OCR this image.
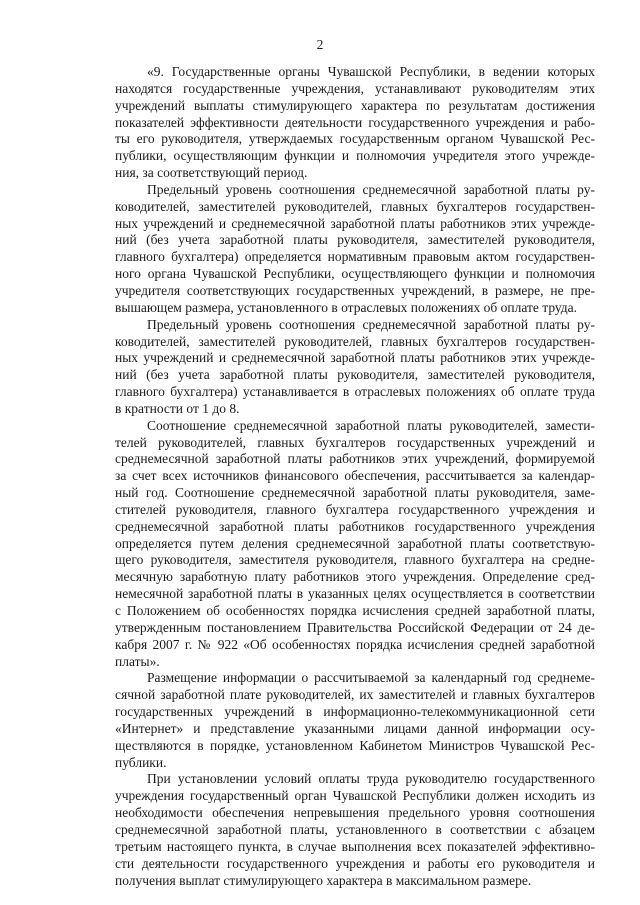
2

«9. Государственные органы Чувашской Республики, в ведении которых
находятся государственные учреждения, устанавливают руководителям этих
учреждений выплаты стимулирующего характера по результатам достижения
показателей эффективности деятельности государственного учреждения и рабо-
ты его руководителя, утверждаемых государственным органом Чувашской Рес-
публики, осуществляющим функции и полномочия учредителя этого учрежде-
ния, за соответствующий период.

Предельный уровень соотношения среднемесячной заработной платы ру-
ководителей, заместителей руководителей, главных бухгалтеров государствен-
ных учреждений и среднемесячной заработной платы работников этих учрежде-
ний (без учета заработной платы руководителя, заместителей руководителя,
главного бухгалтера) определяется нормативным правовым актом государствен-
ного органа Чувашской Республики, осуществляющего функции и полномочия
учредителя соответствующих государственных учреждений, в размере, не пре-
вышающем размера, установленного в отраслевых положениях об оплате труда.

Предельный уровень соотношения среднемесячной заработной платы ру-
ководителей, заместителей руководителей, главных бухгалтеров государствен-
ных учреждений и среднемесячной заработной платы работников этих учрежде-
ний (без учета заработной платы руководителя, заместителей руководителя,
главного бухгалтера) устанавливается в отраслевых положениях об оплате труда
в кратности от 1 до 8.

Соотношение среднемесячной заработной платы руководителей, замести-
телей руководителей, главных бухгалтеров государственных учреждений и
среднемесячной заработной платы работников этих учреждений, формируемой
за счет всех источников финансового обеспечения, рассчитывается за календар-
ный год. Соотношение среднемесячной заработной платы руководителя, заме-
стителей руководителя, главного бухгалтера государственного учреждения и
среднемесячной заработной платы работников государственного учреждения
определяется путем деления среднемесячной заработной платы соответствую-
щего руководителя, заместителя руководителя, главного бухгалтера на средне-
месячную заработную плату работников этого учреждения. Определение сред-
немесячной заработной платы в указанных целях осуществляется в соответствии
с Положением об особенностях порядка исчисления средней заработной платы,
утвержденным постановлением Правительства Российской Федерации от 24 де-
кабря 2007 г. № 922 «Об особенностях порядка исчисления средней заработной
платы».

Размещение информации о рассчитываемой за календарный год среднеме-
сячной заработной плате руководителей, их заместителей и главных бухгалтеров
государственных учреждений в информационно-телекоммуникационной сети
«Интернет» и представление указанными лицами данной информации осу-
ществляются в порядке, установленном Кабинетом Министров Чувашской Рес-
публики.

При установлении условий оплаты труда руководителю государственного
учреждения государственный орган Чувашской Республики должен исходить из
необходимости обеспечения непревышения предельного уровня соотношения
среднемесячной заработной платы, установленного в соответствии с абзацем
третьим настоящего пункта, в случае выполнения всех показателей эффективно-
сти деятельности государственного учреждения и работы его руководителя и
получения выплат стимулирующего характера в максимальном размере.
